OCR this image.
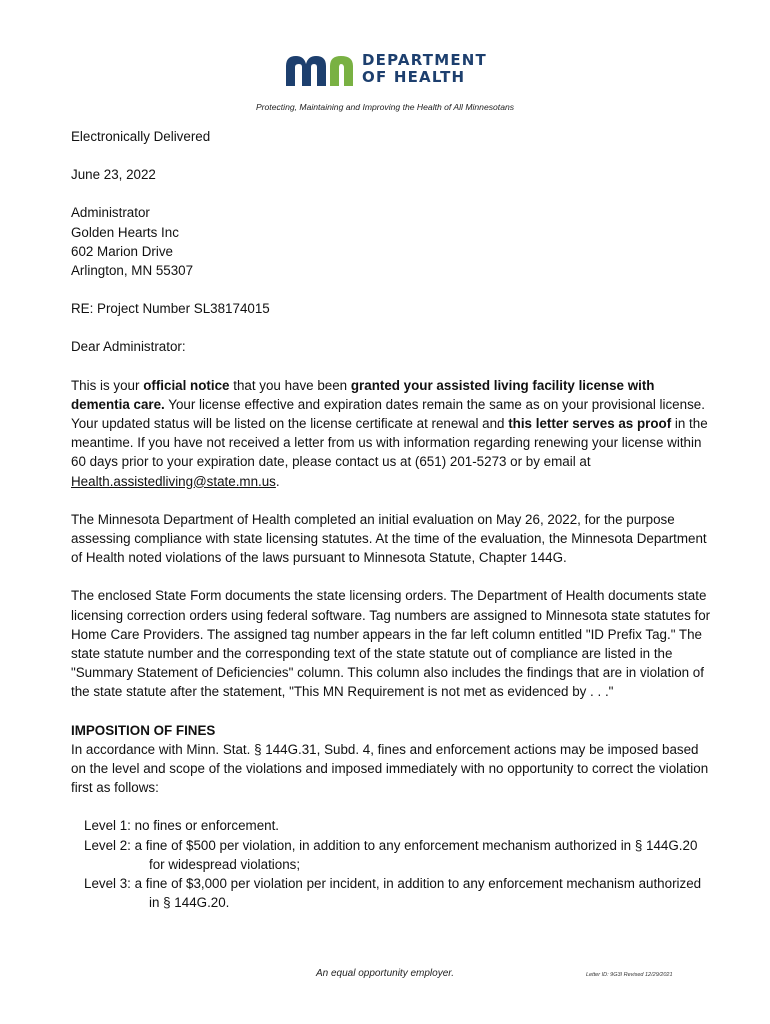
DEPARTMENT
OF HEALTH
Protecting, Maintaining and Improving the Health of All Minnesotans

Electronically Delivered

June 23, 2022

Administrator
Golden Hearts Inc
602 Marion Drive
Arlington, MN 55307

RE: Project Number SL38174015

Dear Administrator:

This is your official notice that you have been granted your assisted living facility license with dementia care. Your license effective and expiration dates remain the same as on your provisional license. Your updated status will be listed on the license certificate at renewal and this letter serves as proof in the meantime. If you have not received a letter from us with information regarding renewing your license within 60 days prior to your expiration date, please contact us at (651) 201-5273 or by email at Health.assistedliving@state.mn.us.

The Minnesota Department of Health completed an initial evaluation on May 26, 2022, for the purpose assessing compliance with state licensing statutes. At the time of the evaluation, the Minnesota Department of Health noted violations of the laws pursuant to Minnesota Statute, Chapter 144G.

The enclosed State Form documents the state licensing orders. The Department of Health documents state licensing correction orders using federal software. Tag numbers are assigned to Minnesota state statutes for Home Care Providers. The assigned tag number appears in the far left column entitled "ID Prefix Tag." The state statute number and the corresponding text of the state statute out of compliance are listed in the "Summary Statement of Deficiencies" column. This column also includes the findings that are in violation of the state statute after the statement, "This MN Requirement is not met as evidenced by . . ."

IMPOSITION OF FINES

In accordance with Minn. Stat. § 144G.31, Subd. 4, fines and enforcement actions may be imposed based on the level and scope of the violations and imposed immediately with no opportunity to correct the violation first as follows:

Level 1: no fines or enforcement.
Level 2: a fine of $500 per violation, in addition to any enforcement mechanism authorized in § 144G.20 for widespread violations;
Level 3: a fine of $3,000 per violation per incident, in addition to any enforcement mechanism authorized in § 144G.20.
An equal opportunity employer.	Letter ID: 9G3I Revised 12/29/2021
